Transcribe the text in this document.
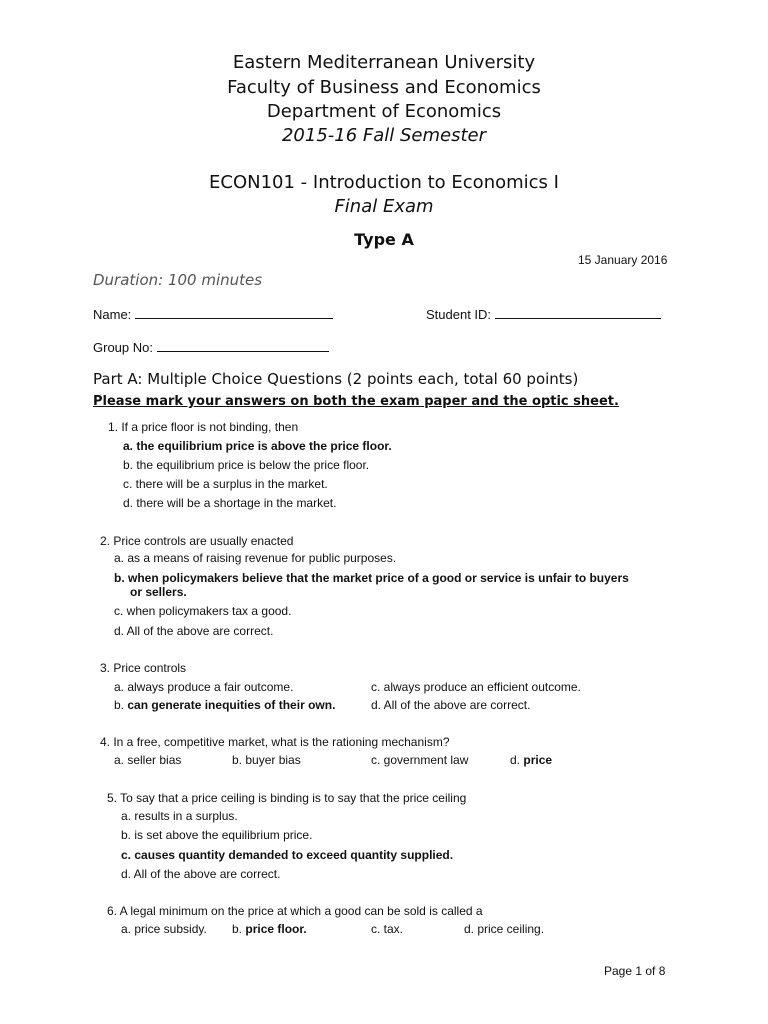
Eastern Mediterranean University
Faculty of Business and Economics
Department of Economics
2015-16 Fall Semester
ECON101 - Introduction to Economics I
Final Exam
Type A
15 January 2016
Duration: 100 minutes
Name:	Student ID:
Group No:
Part A: Multiple Choice Questions (2 points each, total 60 points)
Please mark your answers on both the exam paper and the optic sheet.
1. If a price floor is not binding, then
a. the equilibrium price is above the price floor.
b. the equilibrium price is below the price floor.
c. there will be a surplus in the market.
d. there will be a shortage in the market.
2. Price controls are usually enacted
a. as a means of raising revenue for public purposes.
b. when policymakers believe that the market price of a good or service is unfair to buyers
or sellers.
c. when policymakers tax a good.
d. All of the above are correct.
3. Price controls
a. always produce a fair outcome.	c. always produce an efficient outcome.
b. can generate inequities of their own.	d. All of the above are correct.
4. In a free, competitive market, what is the rationing mechanism?
a. seller bias	b. buyer bias	c. government law	d. price
5. To say that a price ceiling is binding is to say that the price ceiling
a. results in a surplus.
b. is set above the equilibrium price.
c. causes quantity demanded to exceed quantity supplied.
d. All of the above are correct.
6. A legal minimum on the price at which a good can be sold is called a
a. price subsidy. b. price floor.	c. tax.	d. price ceiling.
Page 1 of 8
